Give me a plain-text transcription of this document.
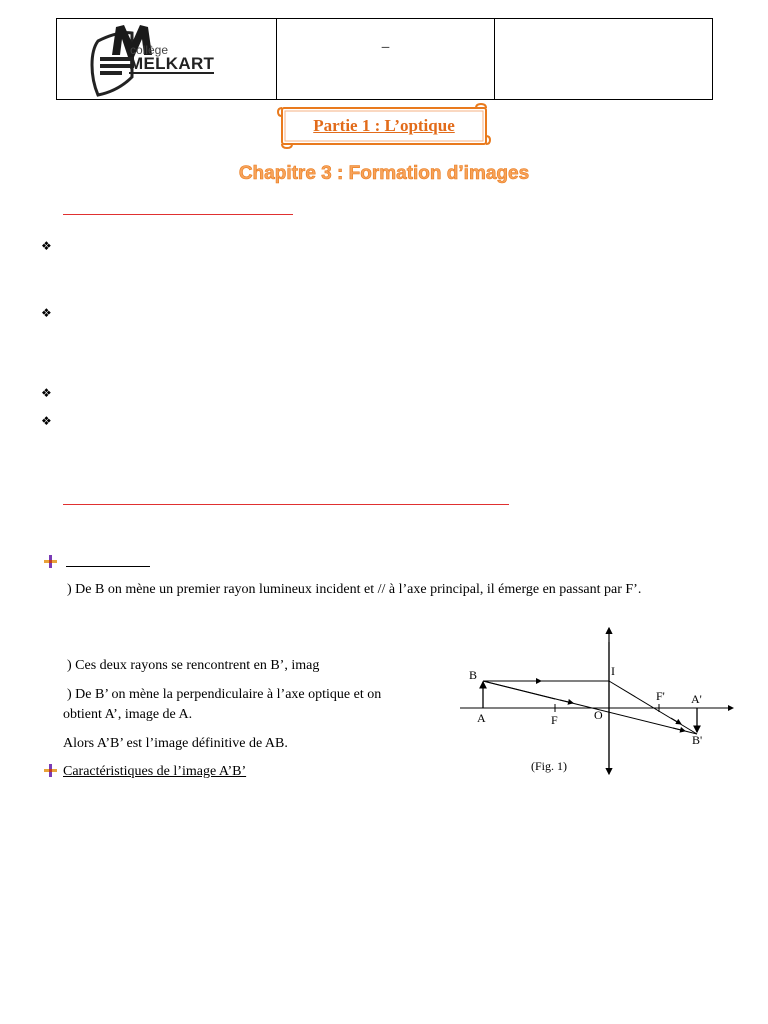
collège
MELKART
–
Partie 1 : L’optique
Chapitre 3 : Formation d’images
❖
❖
❖
❖
) De B on mène un premier rayon lumineux incident et // à l’axe principal, il émerge en passant par F’.
) Ces deux rayons se rencontrent en B’, imag
) De B’ on mène la perpendiculaire à l’axe optique et on
obtient A’, image de A.
Alors A’B’ est l’image définitive de AB.
Caractéristiques de l’image A’B’
B
A	F	O
I
F' A'
B'
(Fig. 1)
